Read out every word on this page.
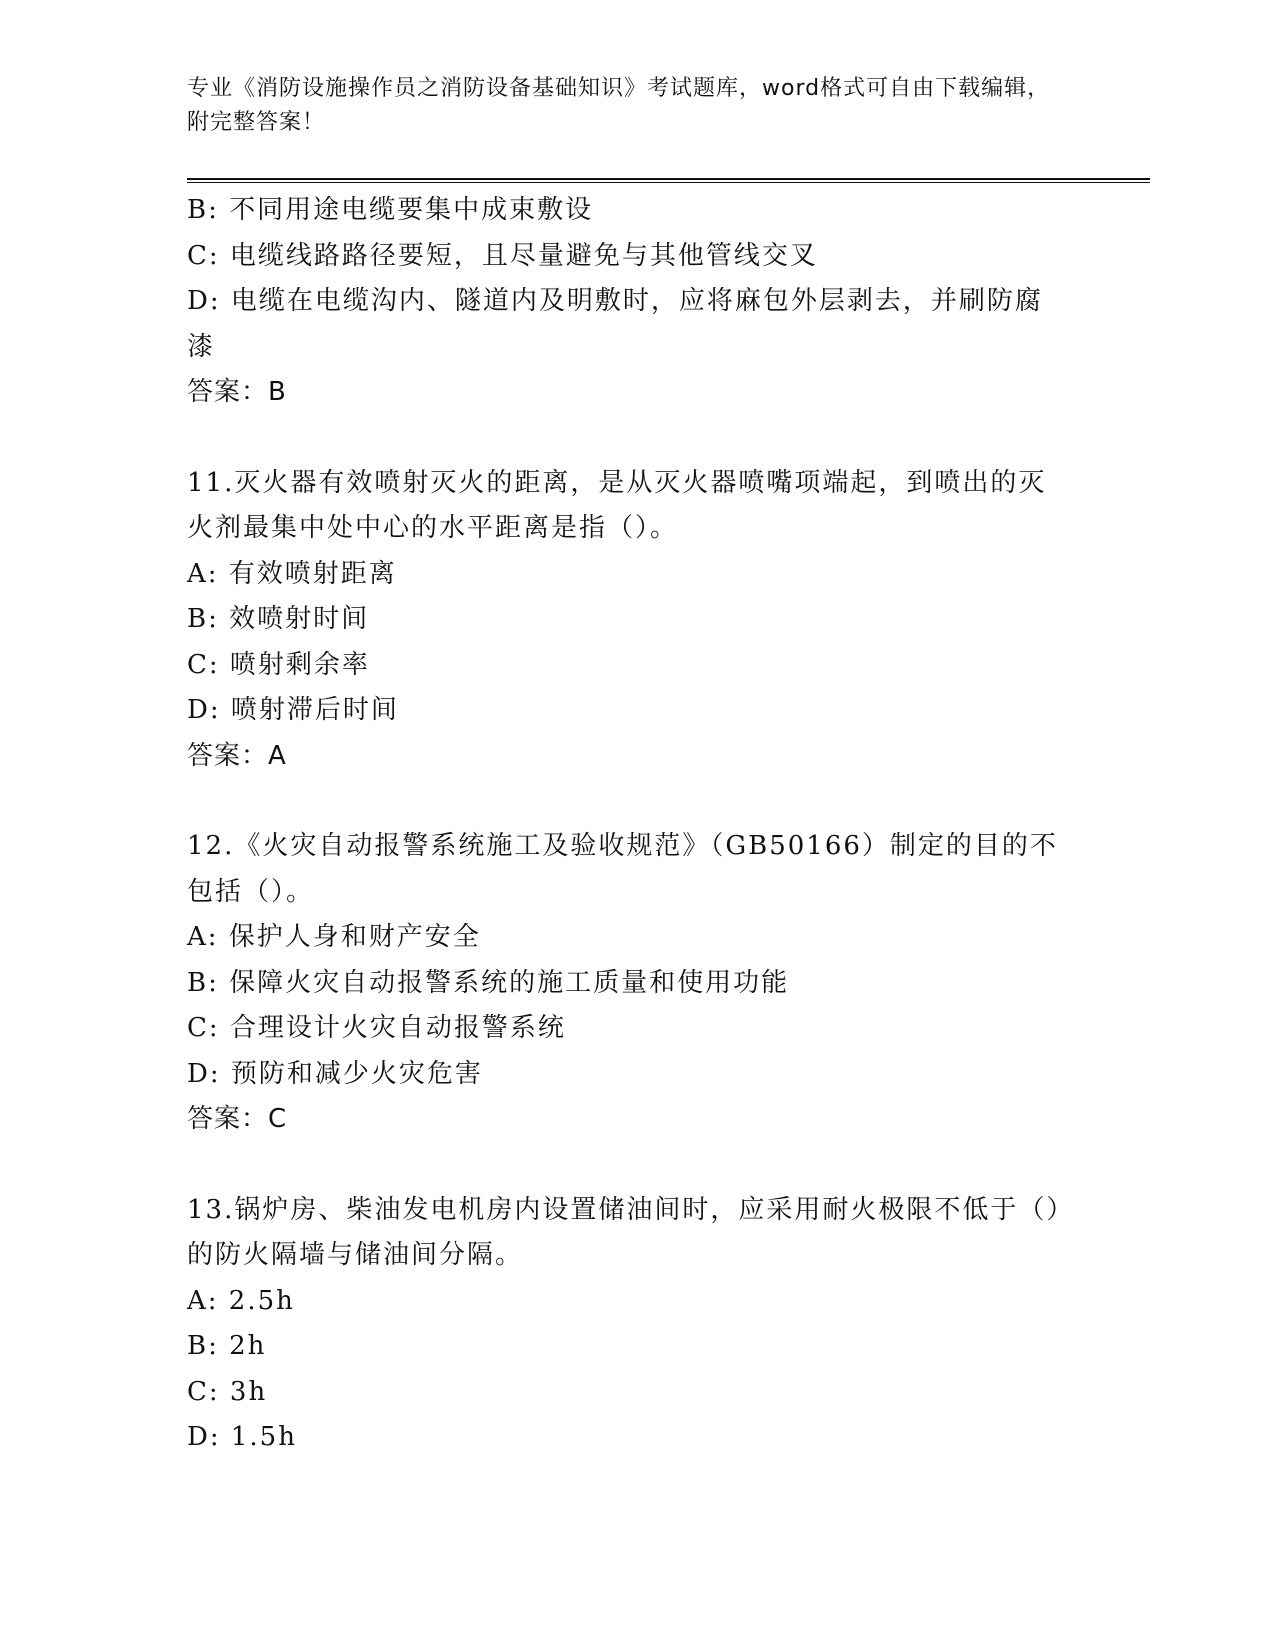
专业《消防设施操作员之消防设备基础知识》考试题库，word格式可自由下载编辑，附完整答案！
B: 不同用途电缆要集中成束敷设
C: 电缆线路路径要短，且尽量避免与其他管线交叉
D: 电缆在电缆沟内、隧道内及明敷时，应将麻包外层剥去，并刷防腐漆
答案：B
11.灭火器有效喷射灭火的距离，是从灭火器喷嘴项端起，到喷出的灭火剂最集中处中心的水平距离是指（）。
A: 有效喷射距离
B: 效喷射时间
C: 喷射剩余率
D: 喷射滞后时间
答案：A
12.《火灾自动报警系统施工及验收规范》（GB50166）制定的目的不包括（）。
A: 保护人身和财产安全
B: 保障火灾自动报警系统的施工质量和使用功能
C: 合理设计火灾自动报警系统
D: 预防和减少火灾危害
答案：C
13.锅炉房、柴油发电机房内设置储油间时，应采用耐火极限不低于（）的防火隔墙与储油间分隔。
A: 2.5h
B: 2h
C: 3h
D: 1.5h
